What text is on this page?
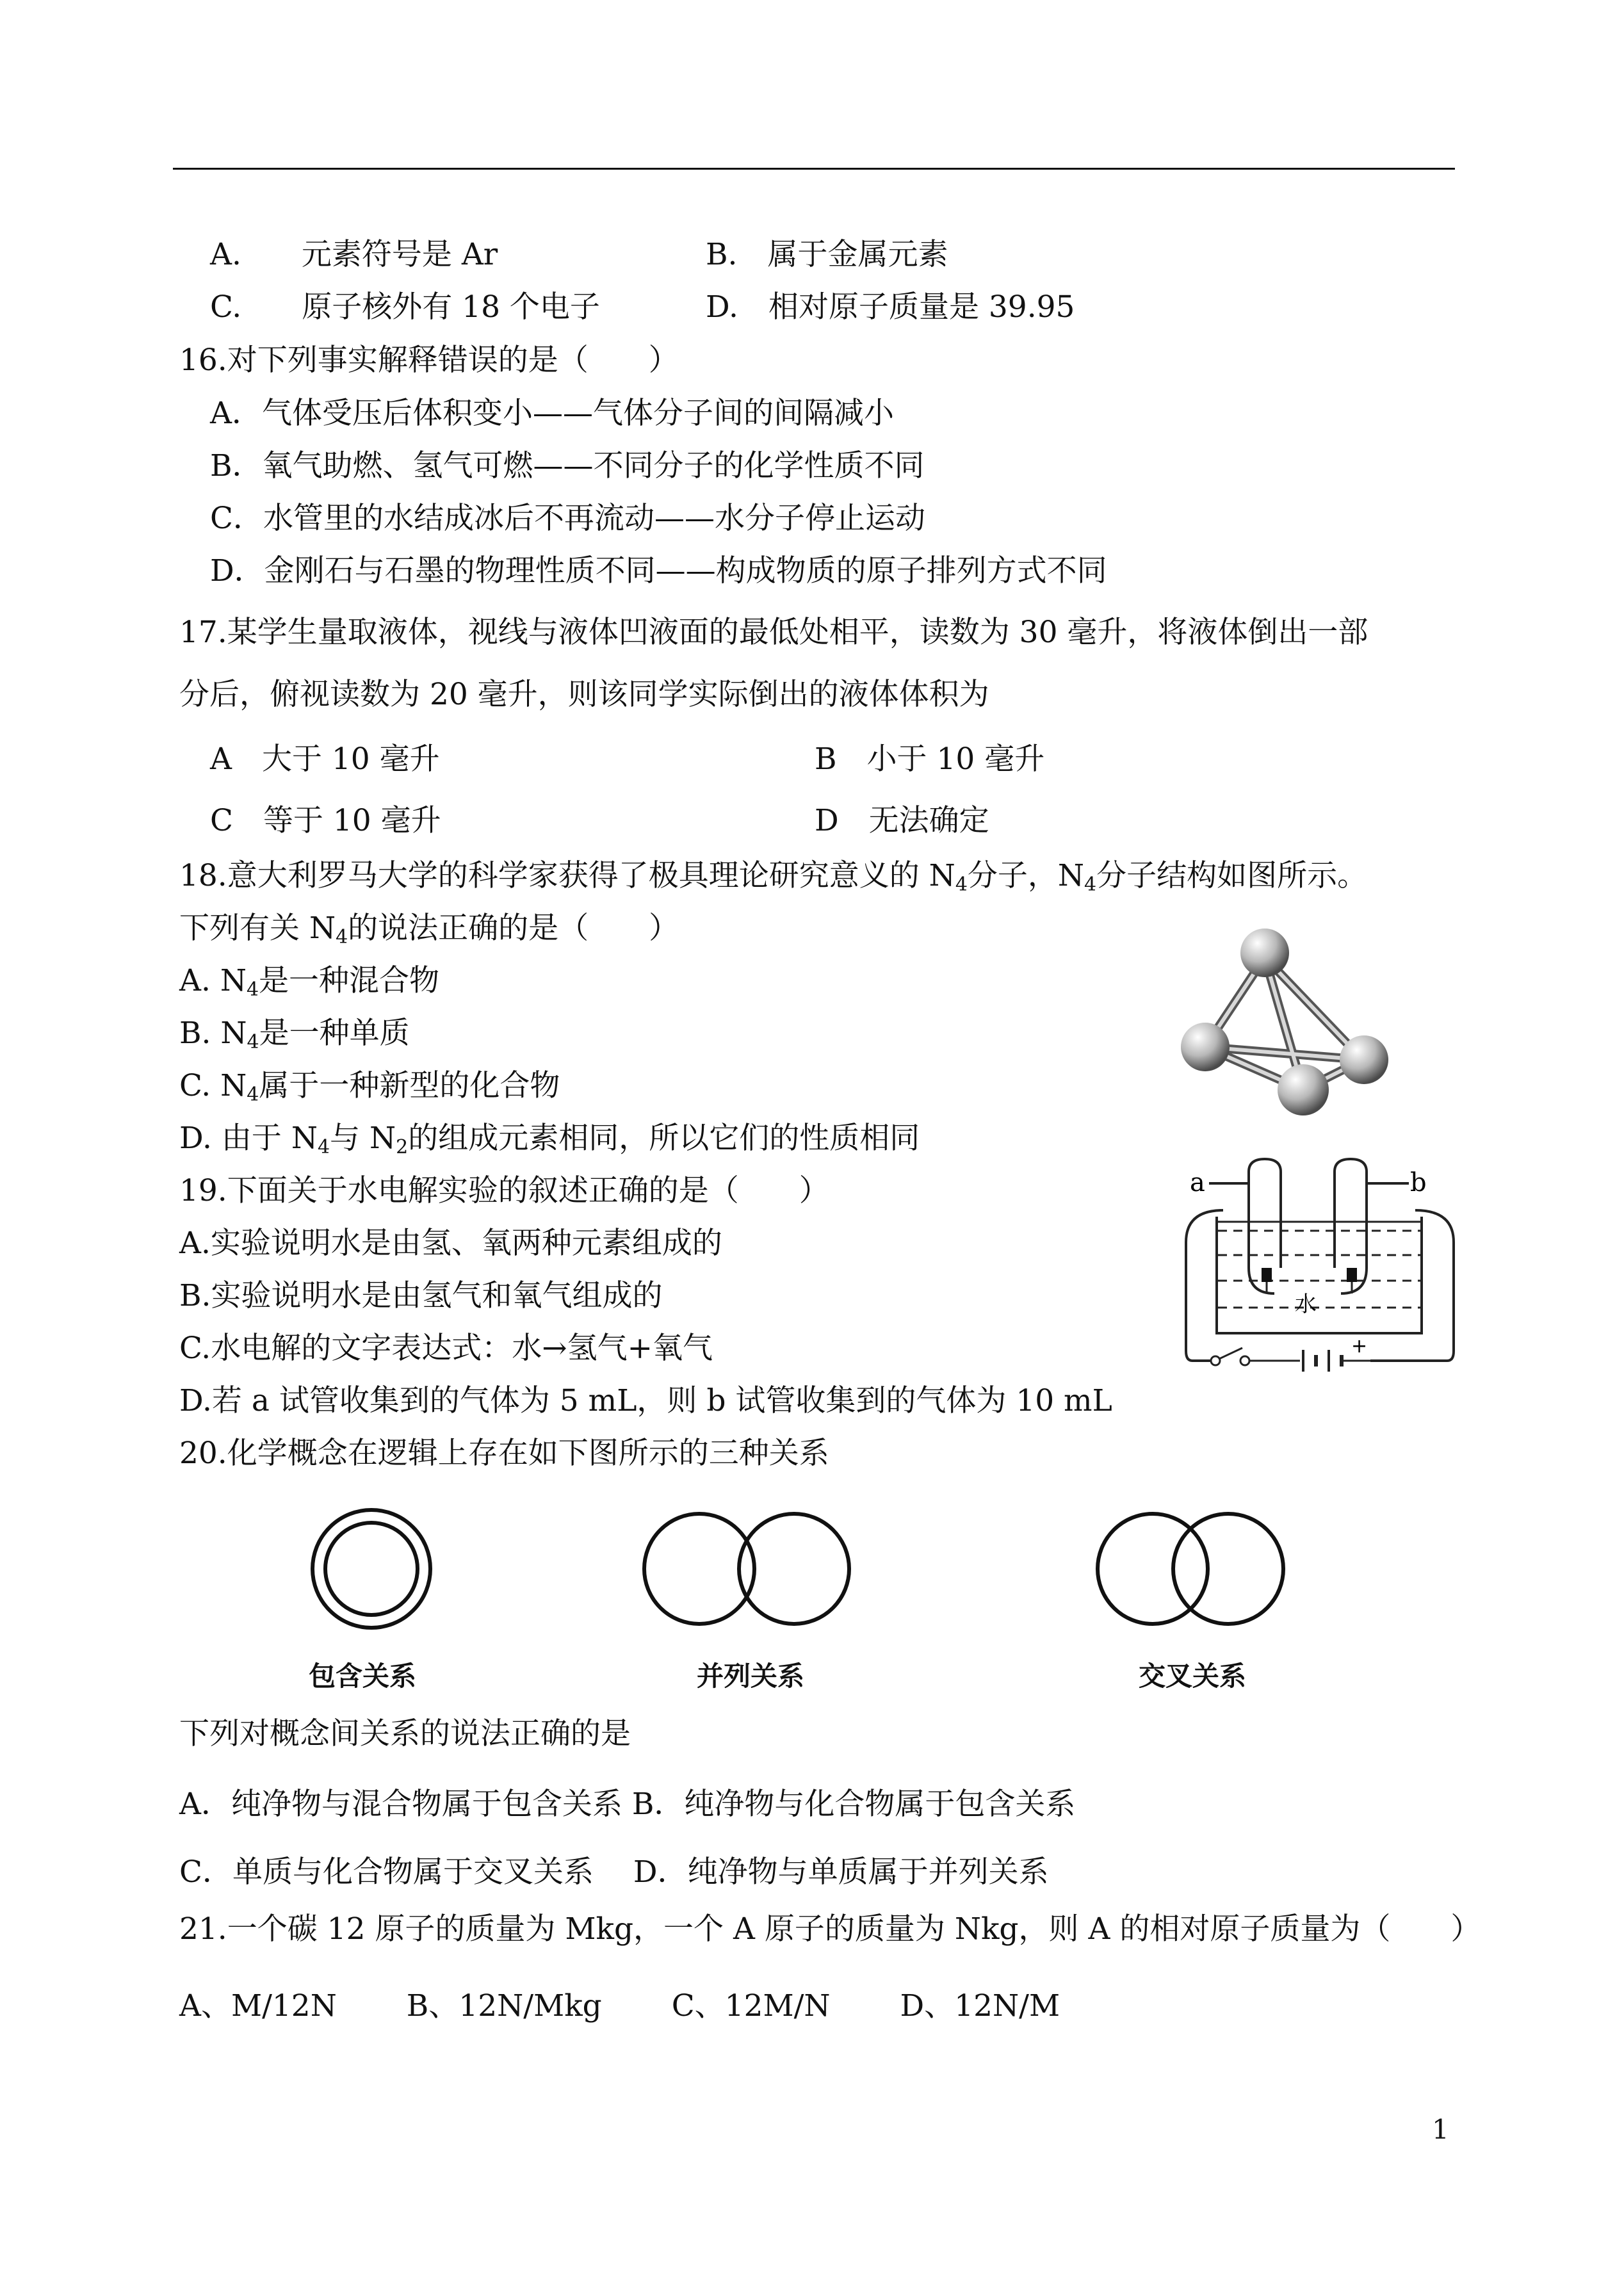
A.　　元素符号是 Ar	B.　属于金属元素
C.　　原子核外有 18 个电子	D.　相对原子质量是 39.95
16.对下列事实解释错误的是（　　）
A．气体受压后体积变小——气体分子间的间隔减小
B．氧气助燃、氢气可燃——不同分子的化学性质不同
C．水管里的水结成冰后不再流动——水分子停止运动
D．金刚石与石墨的物理性质不同——构成物质的原子排列方式不同
17.某学生量取液体，视线与液体凹液面的最低处相平，读数为 30 毫升，将液体倒出一部
分后，俯视读数为 20 毫升，则该同学实际倒出的液体体积为
A　大于 10 毫升	B　小于 10 毫升
C　等于 10 毫升	D　无法确定
18.意大利罗马大学的科学家获得了极具理论研究意义的 $N_4$分子，$N_4$分子结构如图所示。
下列有关 $N_4$的说法正确的是（　　）
A. $N_4$是一种混合物
B. $N_4$是一种单质
C. $N_4$属于一种新型的化合物
D. 由于 $N_4$与 $N_2$的组成元素相同，所以它们的性质相同
19.下面关于水电解实验的叙述正确的是（　　）
A.实验说明水是由氢、氧两种元素组成的
B.实验说明水是由氢气和氧气组成的
C.水电解的文字表达式：水→氢气+氧气
D.若 a 试管收集到的气体为 5 mL，则 b 试管收集到的气体为 10 mL
a	b
水
+
20.化学概念在逻辑上存在如下图所示的三种关系
包含关系	并列关系	交叉关系
下列对概念间关系的说法正确的是
A．纯净物与混合物属于包含关系 B．纯净物与化合物属于包含关系
C．单质与化合物属于交叉关系　 D．纯净物与单质属于并列关系
21.一个碳 12 原子的质量为 Mkg，一个 A 原子的质量为 Nkg，则 A 的相对原子质量为（　　）
A、M/12N　　 B、12N/Mkg　　 C、12M/N　　 D、12N/M
1
